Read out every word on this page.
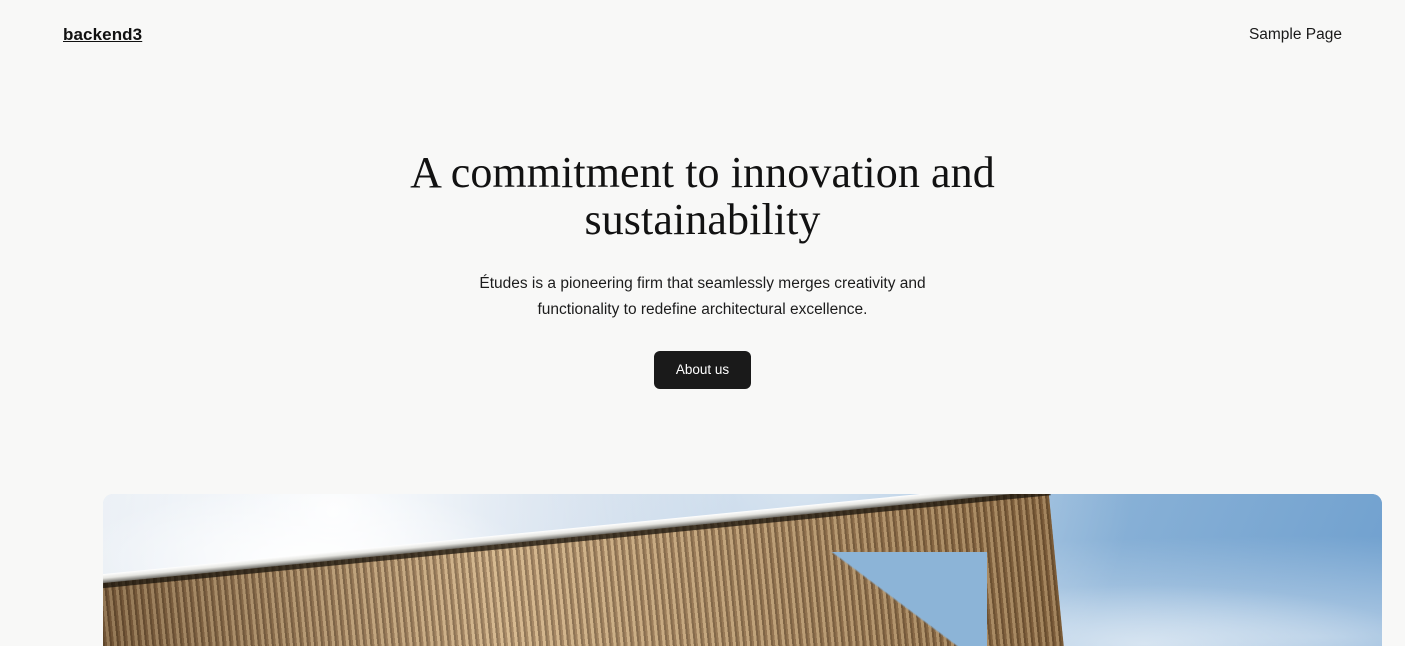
backend3	Sample Page
A commitment to innovation and sustainability

Études is a pioneering firm that seamlessly merges creativity and functionality to redefine architectural excellence.

About us
